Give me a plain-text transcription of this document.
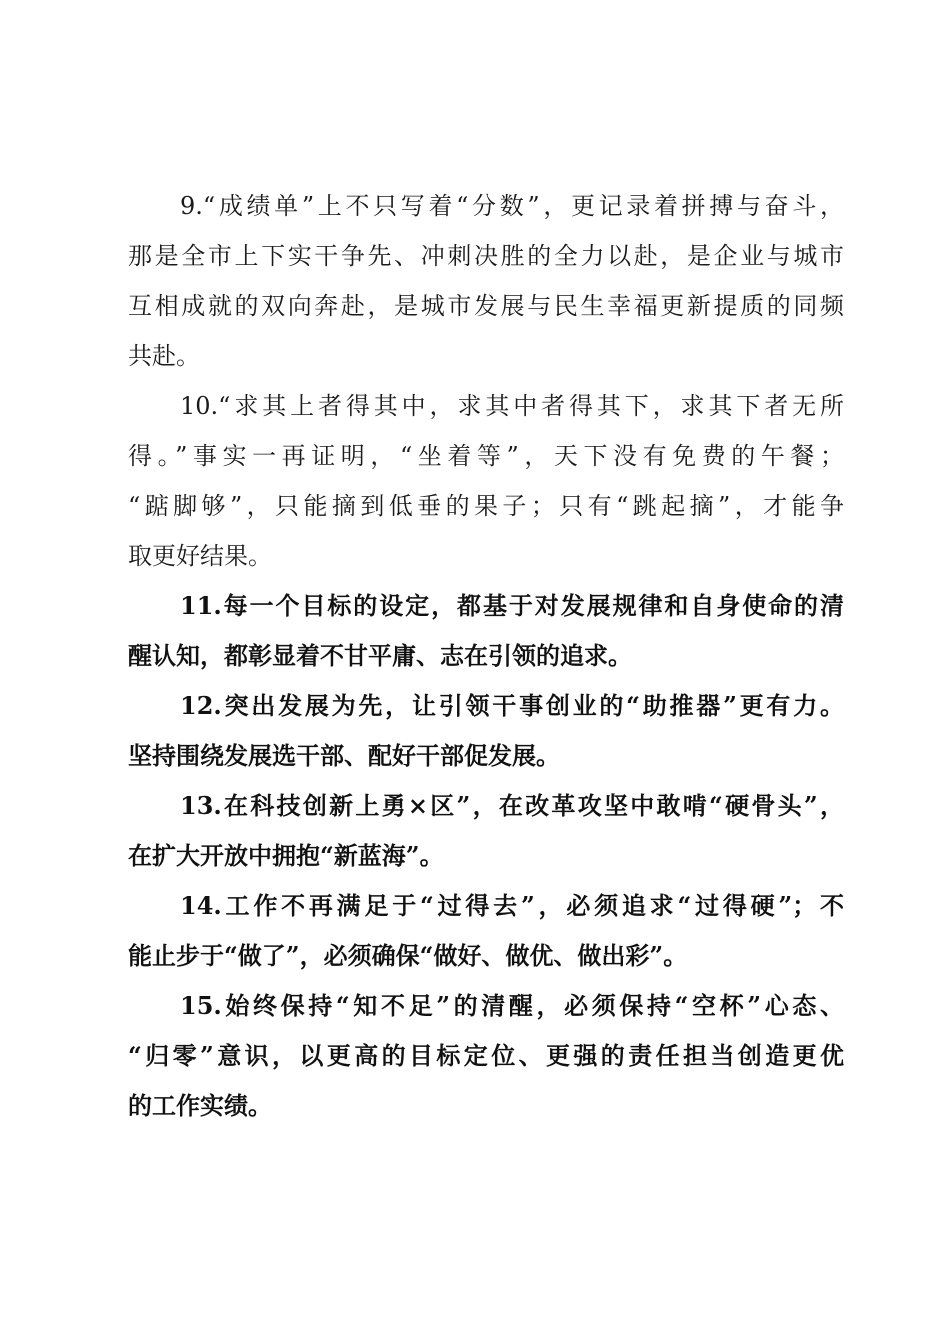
9.“成绩单”上不只写着“分数”，更记录着拼搏与奋斗，
那是全市上下实干争先、冲刺决胜的全力以赴，是企业与城市
互相成就的双向奔赴，是城市发展与民生幸福更新提质的同频
共赴。

10.“求其上者得其中，求其中者得其下，求其下者无所
得。”事实一再证明，“坐着等”，天下没有免费的午餐；
“踮脚够”，只能摘到低垂的果子；只有“跳起摘”，才能争
取更好结果。

11.每一个目标的设定，都基于对发展规律和自身使命的清
醒认知，都彰显着不甘平庸、志在引领的追求。

12.突出发展为先，让引领干事创业的“助推器”更有力。
坚持围绕发展选干部、配好干部促发展。

13.在科技创新上勇×区”，在改革攻坚中敢啃“硬骨头”，
在扩大开放中拥抱“新蓝海”。

14.工作不再满足于“过得去”，必须追求“过得硬”；不
能止步于“做了”，必须确保“做好、做优、做出彩”。

15.始终保持“知不足”的清醒，必须保持“空杯”心态、
“归零”意识，以更高的目标定位、更强的责任担当创造更优
的工作实绩。
